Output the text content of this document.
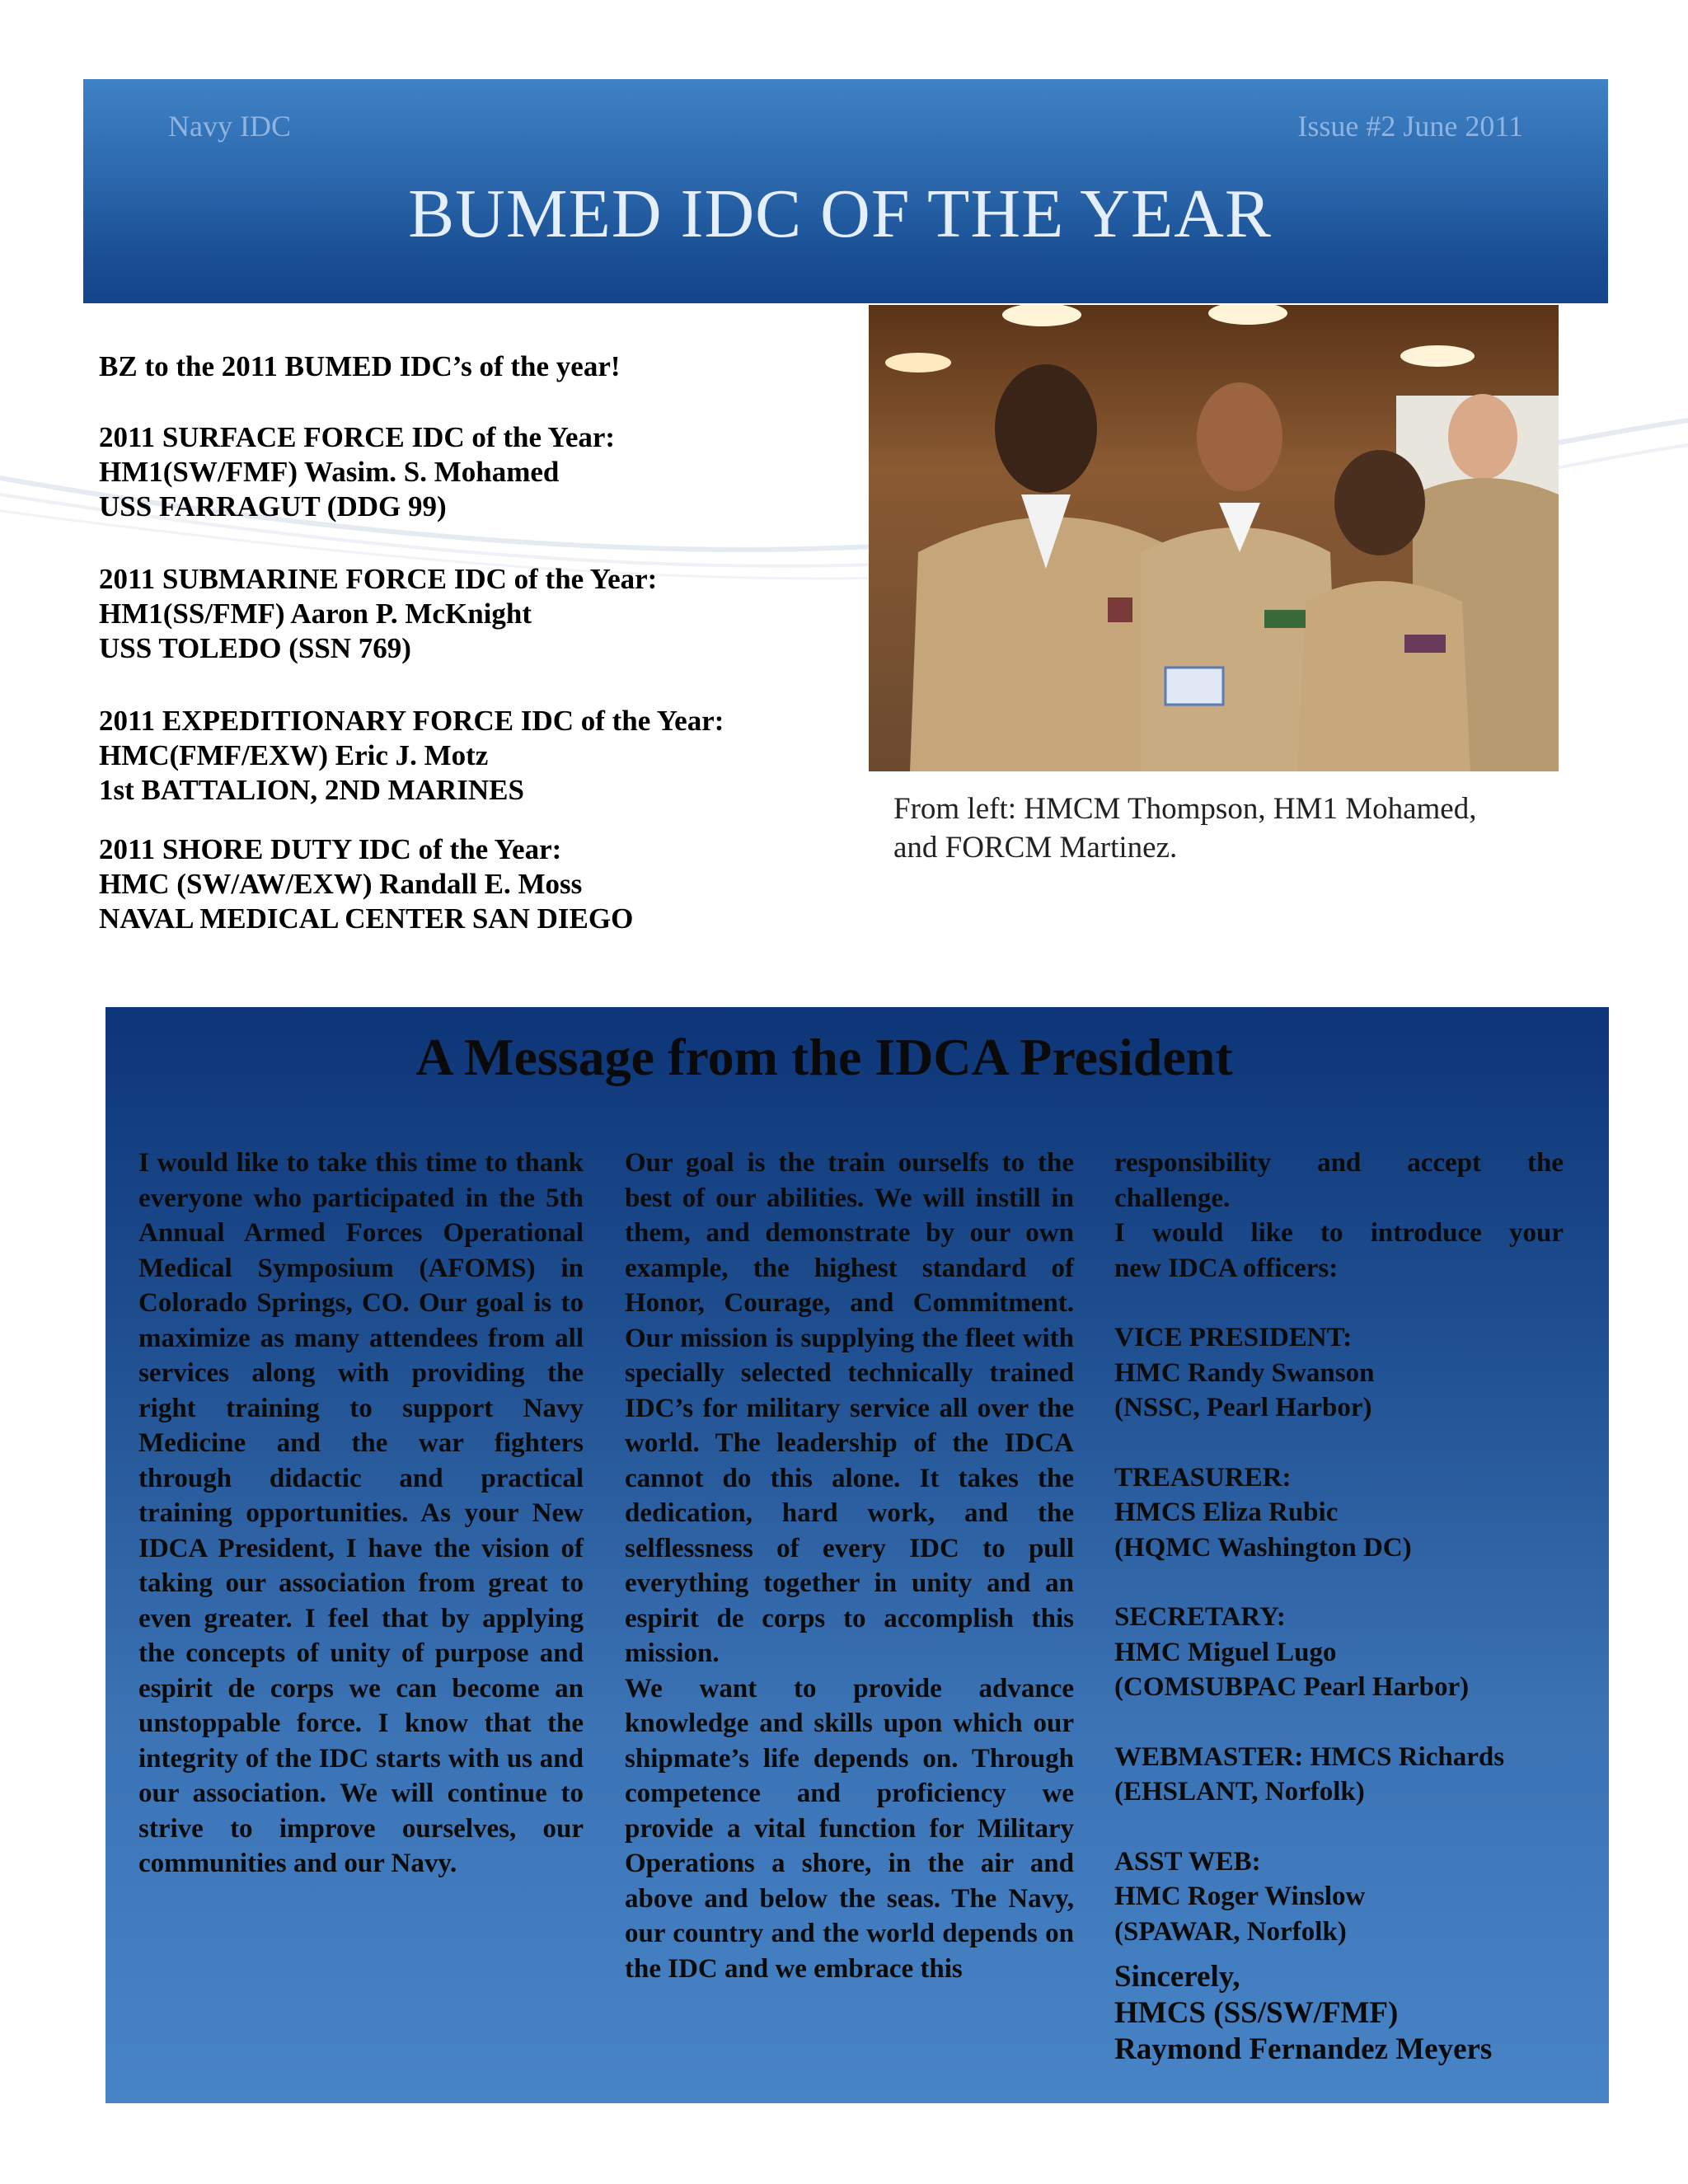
Navy IDC	Issue #2 June 2011
BUMED IDC OF THE YEAR
BZ to the 2011 BUMED IDC’s of the year!
2011 SURFACE FORCE IDC of the Year:
HM1(SW/FMF) Wasim. S. Mohamed
USS FARRAGUT (DDG 99)
2011 SUBMARINE FORCE IDC of the Year:
HM1(SS/FMF) Aaron P. McKnight
USS TOLEDO (SSN 769)
2011 EXPEDITIONARY FORCE IDC of the Year:
HMC(FMF/EXW) Eric J. Motz
1st BATTALION, 2ND MARINES
2011 SHORE DUTY IDC of the Year:
HMC (SW/AW/EXW) Randall E. Moss
NAVAL MEDICAL CENTER SAN DIEGO
From left: HMCM Thompson, HM1 Mohamed, and FORCM Martinez.
A Message from the IDCA President
I would like to take this time to thank everyone who participated in the 5th Annual Armed Forces Operational Medical Symposium (AFOMS) in Colorado Springs, CO. Our goal is to maximize as many attendees from all services along with providing the right training to support Navy Medicine and the war fighters through didactic and practical training opportunities. As your New IDCA President, I have the vision of taking our association from great to even greater. I feel that by applying the concepts of unity of purpose and espirit de corps we can become an unstoppable force. I know that the integrity of the IDC starts with us and our association. We will continue to strive to improve ourselves, our communities and our Navy.
Our goal is the train ourselfs to the best of our abilities. We will instill in them, and demonstrate by our own example, the highest standard of Honor, Courage, and Commitment. Our mission is supplying the fleet with specially selected technically trained IDC’s for military service all over the world. The leadership of the IDCA cannot do this alone. It takes the dedication, hard work, and the selflessness of every IDC to pull everything together in unity and an espirit de corps to accomplish this mission.
We want to provide advance knowledge and skills upon which our shipmate’s life depends on. Through competence and proficiency we provide a vital function for Military Operations a shore, in the air and above and below the seas. The Navy, our country and the world depends on the IDC and we embrace this
responsibility and accept the
challenge.
I would like to introduce your
new IDCA officers:
VICE PRESIDENT:
HMC Randy Swanson
(NSSC, Pearl Harbor)
TREASURER:
HMCS Eliza Rubic
(HQMC Washington DC)
SECRETARY:
HMC Miguel Lugo
(COMSUBPAC Pearl Harbor)
WEBMASTER: HMCS Richards
(EHSLANT, Norfolk)
ASST WEB:
HMC Roger Winslow
(SPAWAR, Norfolk)
Sincerely,
HMCS (SS/SW/FMF)
Raymond Fernandez Meyers
